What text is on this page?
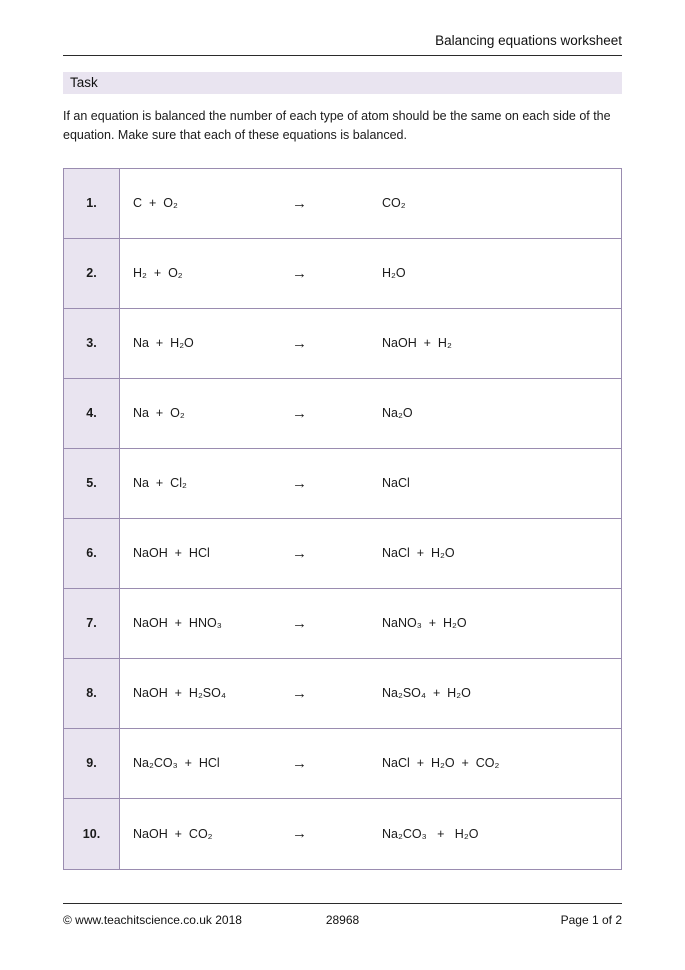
Balancing equations worksheet
Task

If an equation is balanced the number of each type of atom should be the same on each side of the equation. Make sure that each of these equations is balanced.

1.	C  +  O₂	→	CO₂
2.	H₂  +  O₂	→	H₂O
3.	Na  +  H₂O	→	NaOH  +  H₂
4.	Na  +  O₂	→	Na₂O
5.	Na  +  Cl₂	→	NaCl
6.	NaOH  +  HCl	→	NaCl  +  H₂O
7.	NaOH  +  HNO₃	→	NaNO₃  +  H₂O
8.	NaOH  +  H₂SO₄	→	Na₂SO₄  +  H₂O
9.	Na₂CO₃  +  HCl	→	NaCl  +  H₂O  +  CO₂
10.	NaOH  +  CO₂	→	Na₂CO₃   +   H₂O
© www.teachitscience.co.uk 2018	28968	Page 1 of 2
